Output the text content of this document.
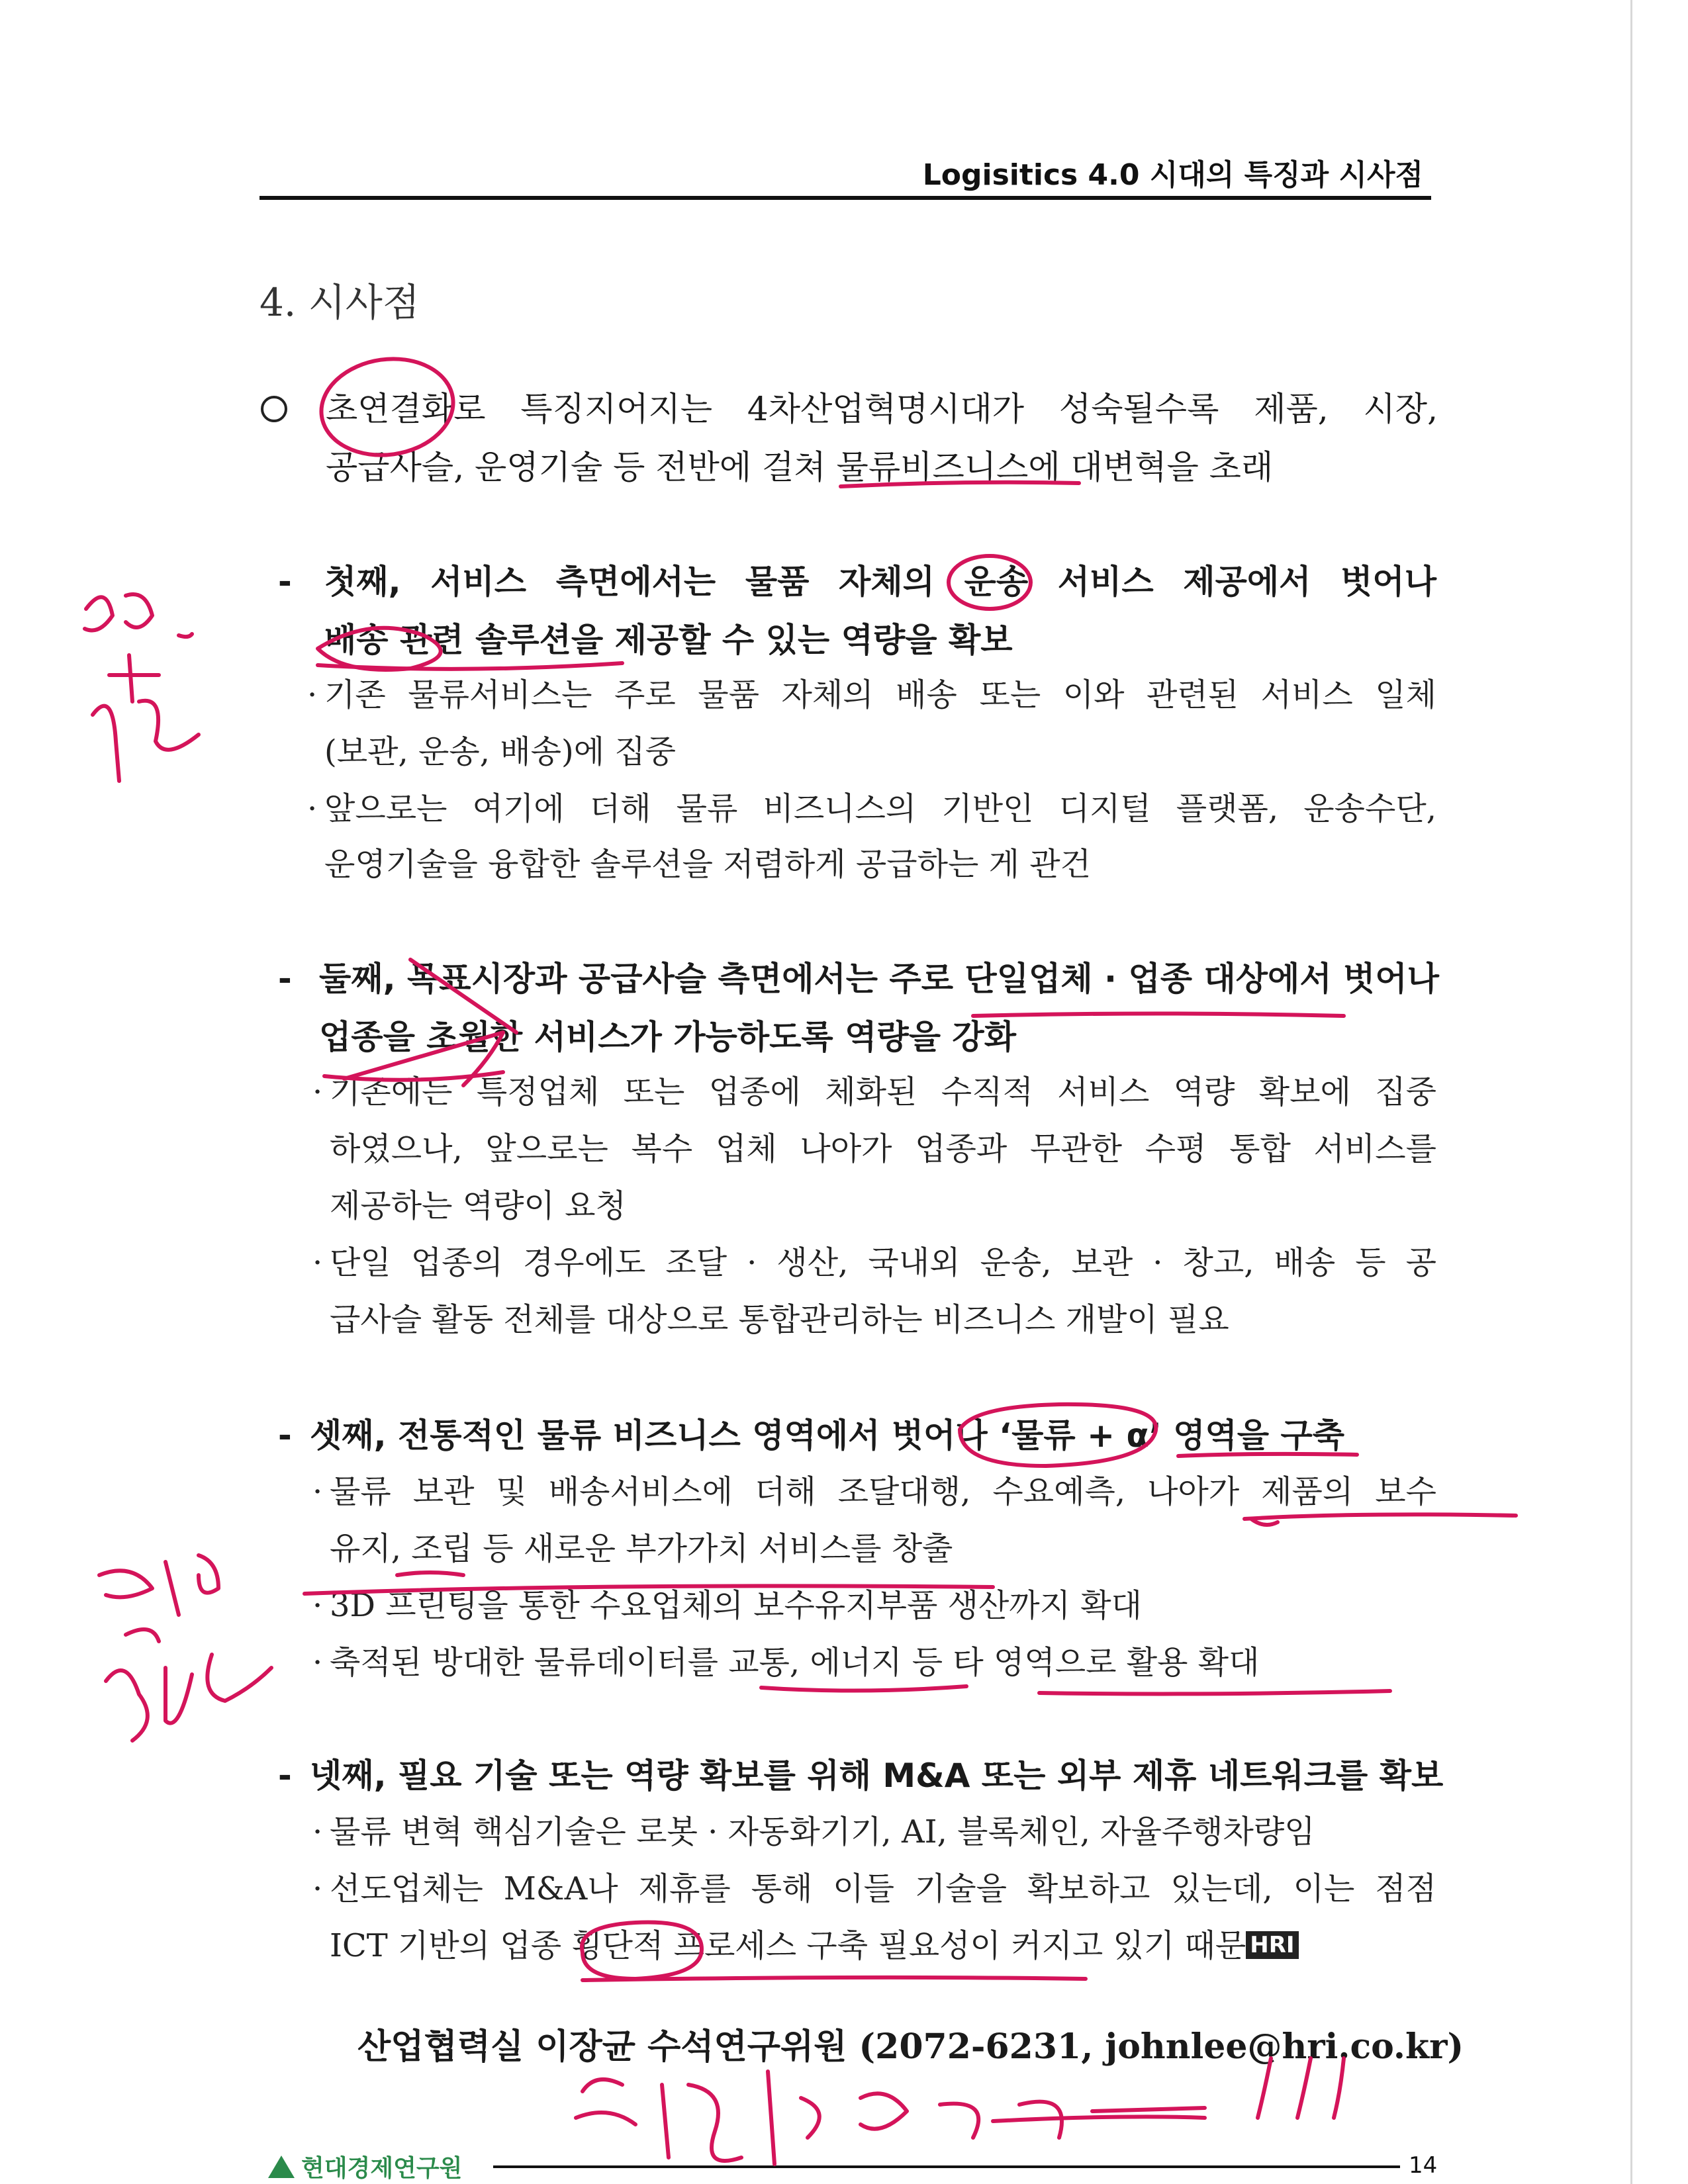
Logisitics 4.0 시대의 특징과 시사점
4. 시사점
초연결화로 특징지어지는 4차산업혁명시대가 성숙될수록 제품, 시장,
공급사슬, 운영기술 등 전반에 걸쳐 물류비즈니스에 대변혁을 초래
- 첫째, 서비스 측면에서는 물품 자체의 운송 서비스 제공에서 벗어나
배송 관련 솔루션을 제공할 수 있는 역량을 확보
· 기존 물류서비스는 주로 물품 자체의 배송 또는 이와 관련된 서비스 일체
(보관, 운송, 배송)에 집중
· 앞으로는 여기에 더해 물류 비즈니스의 기반인 디지털 플랫폼, 운송수단,
운영기술을 융합한 솔루션을 저렴하게 공급하는 게 관건
- 둘째, 목표시장과 공급사슬 측면에서는 주로 단일업체 · 업종 대상에서 벗어나
업종을 초월한 서비스가 가능하도록 역량을 강화
· 기존에는 특정업체 또는 업종에 체화된 수직적 서비스 역량 확보에 집중
하였으나, 앞으로는 복수 업체 나아가 업종과 무관한 수평 통합 서비스를
제공하는 역량이 요청
· 단일 업종의 경우에도 조달 · 생산, 국내외 운송, 보관 · 창고, 배송 등 공
급사슬 활동 전체를 대상으로 통합관리하는 비즈니스 개발이 필요
- 셋째, 전통적인 물류 비즈니스 영역에서 벗어나 ‘물류 + α’ 영역을 구축
· 물류 보관 및 배송서비스에 더해 조달대행, 수요예측, 나아가 제품의 보수
유지, 조립 등 새로운 부가가치 서비스를 창출
· 3D 프린팅을 통한 수요업체의 보수유지부품 생산까지 확대
· 축적된 방대한 물류데이터를 교통, 에너지 등 타 영역으로 활용 확대
- 넷째, 필요 기술 또는 역량 확보를 위해 M&A 또는 외부 제휴 네트워크를 확보
· 물류 변혁 핵심기술은 로봇 · 자동화기기, AI, 블록체인, 자율주행차량임
· 선도업체는 M&A나 제휴를 통해 이들 기술을 확보하고 있는데, 이는 점점
ICT 기반의 업종 횡단적 프로세스 구축 필요성이 커지고 있기 때문 HRI
산업협력실 이장균 수석연구위원 (2072-6231, johnlee@hri.co.kr)
현대경제연구원	14
